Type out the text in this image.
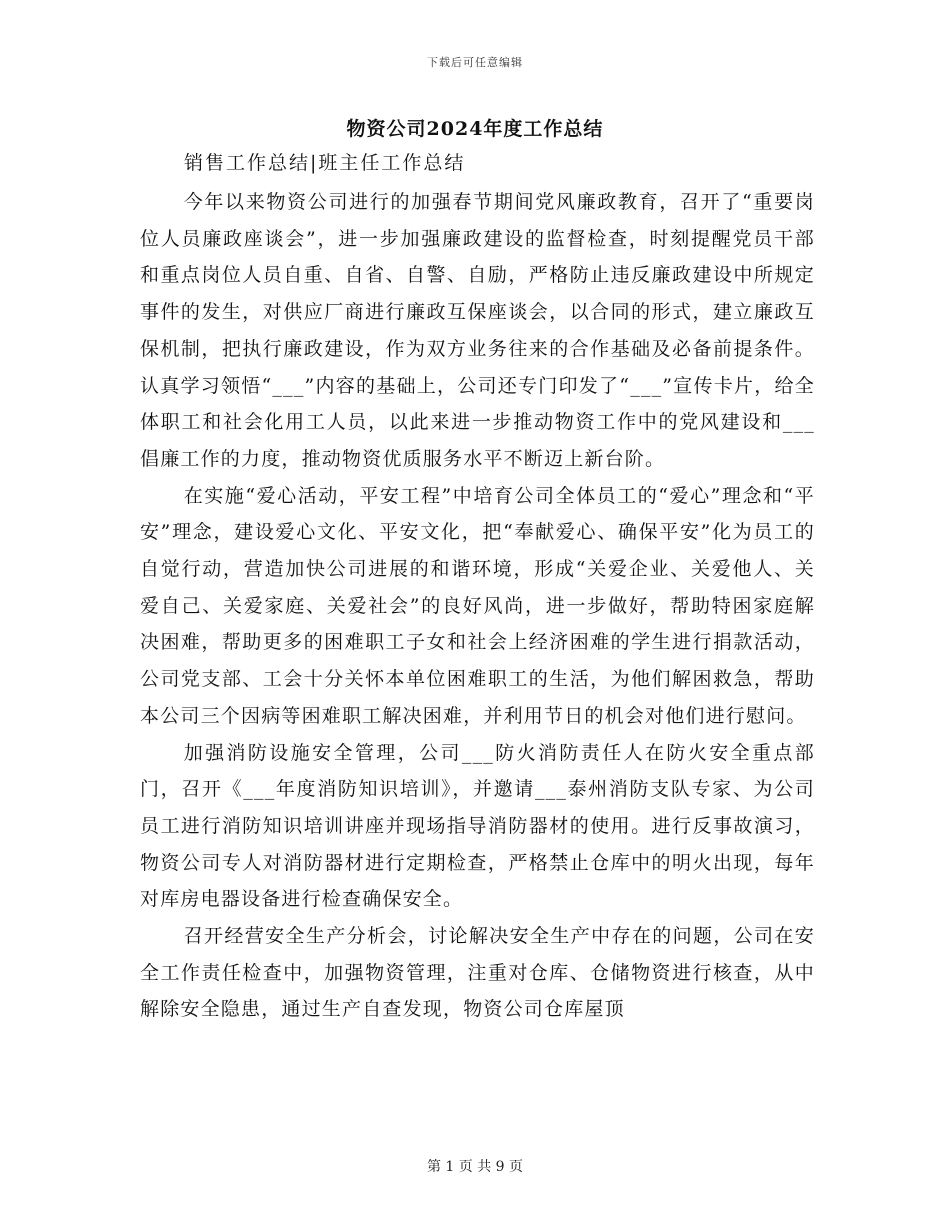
下载后可任意编辑
物资公司2024年度工作总结
销售工作总结|班主任工作总结

今年以来物资公司进行的加强春节期间党风廉政教育，召开了“重要岗位人员廉政座谈会”，进一步加强廉政建设的监督检查，时刻提醒党员干部和重点岗位人员自重、自省、自警、自励，严格防止违反廉政建设中所规定事件的发生，对供应厂商进行廉政互保座谈会，以合同的形式，建立廉政互保机制，把执行廉政建设，作为双方业务往来的合作基础及必备前提条件。认真学习领悟“___”内容的基础上，公司还专门印发了“___”宣传卡片，给全体职工和社会化用工人员，以此来进一步推动物资工作中的党风建设和___倡廉工作的力度，推动物资优质服务水平不断迈上新台阶。

在实施“爱心活动，平安工程”中培育公司全体员工的“爱心”理念和“平安”理念，建设爱心文化、平安文化，把“奉献爱心、确保平安”化为员工的自觉行动，营造加快公司进展的和谐环境，形成“关爱企业、关爱他人、关爱自己、关爱家庭、关爱社会”的良好风尚，进一步做好，帮助特困家庭解决困难，帮助更多的困难职工子女和社会上经济困难的学生进行捐款活动，公司党支部、工会十分关怀本单位困难职工的生活，为他们解困救急，帮助本公司三个因病等困难职工解决困难，并利用节日的机会对他们进行慰问。

加强消防设施安全管理，公司___防火消防责任人在防火安全重点部门，召开《___年度消防知识培训》，并邀请___泰州消防支队专家、为公司员工进行消防知识培训讲座并现场指导消防器材的使用。进行反事故演习，物资公司专人对消防器材进行定期检查，严格禁止仓库中的明火出现，每年对库房电器设备进行检查确保安全。

召开经营安全生产分析会，讨论解决安全生产中存在的问题，公司在安全工作责任检查中，加强物资管理，注重对仓库、仓储物资进行核查，从中解除安全隐患，通过生产自查发现，物资公司仓库屋顶

第 1 页 共 9 页
